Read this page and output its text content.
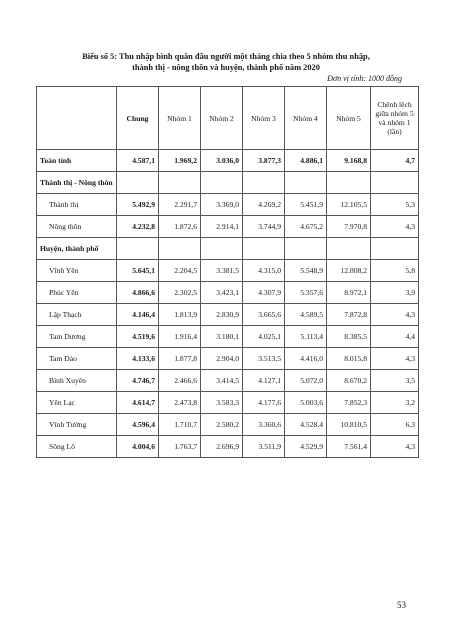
Biểu số 5: Thu nhập bình quân đầu người một tháng chia theo 5 nhóm thu nhập,
thành thị - nông thôn và huyện, thành phố năm 2020
Đơn vị tính: 1000 đồng
	Chung	Nhóm 1	Nhóm 2	Nhóm 3	Nhóm 4	Nhóm 5	Chênh lệch giữa nhóm 5 và nhóm 1 (lần)
Toàn tỉnh	4.587,1	1.969,2	3.036,0	3.877,3	4.886,1	9.168,8	4,7
Thành thị - Nông thôn							
Thành thị	5.492,9	2.291,7	3.369,0	4.269,2	5.451,9	12.105,5	5,3
Nông thôn	4.232,8	1.872,6	2.914,1	3.744,9	4.675,2	7.970,8	4,3
Huyện, thành phố							
Vĩnh Yên	5.645,1	2.204,5	3.381,5	4.315,0	5.548,9	12.808,2	5,8
Phúc Yên	4.866,6	2.302,5	3.423,1	4.307,9	5.357,6	8.972,1	3,9
Lập Thạch	4.146,4	1.813,9	2.830,9	3.665,6	4.589,5	7.872,8	4,3
Tam Dương	4.519,6	1.916,4	3.180,1	4.025,1	5.113,4	8.385,5	4,4
Tam Đảo	4.133,6	1.877,8	2.904,0	3.513,5	4.416,0	8.015,8	4,3
Bình Xuyên	4.746,7	2.466,6	3.414,5	4.127,1	5.072,0	8.670,2	3,5
Yên Lạc	4.614,7	2.473,8	3.583,3	4.177,6	5.003,6	7.852,3	3,2
Vĩnh Tường	4.596,4	1.710,7	2.580,2	3.360,6	4.528,4	10.810,5	6,3
Sông Lô	4.004,6	1.763,7	2.696,9	3.511,9	4.529,9	7.561,4	4,3
53
